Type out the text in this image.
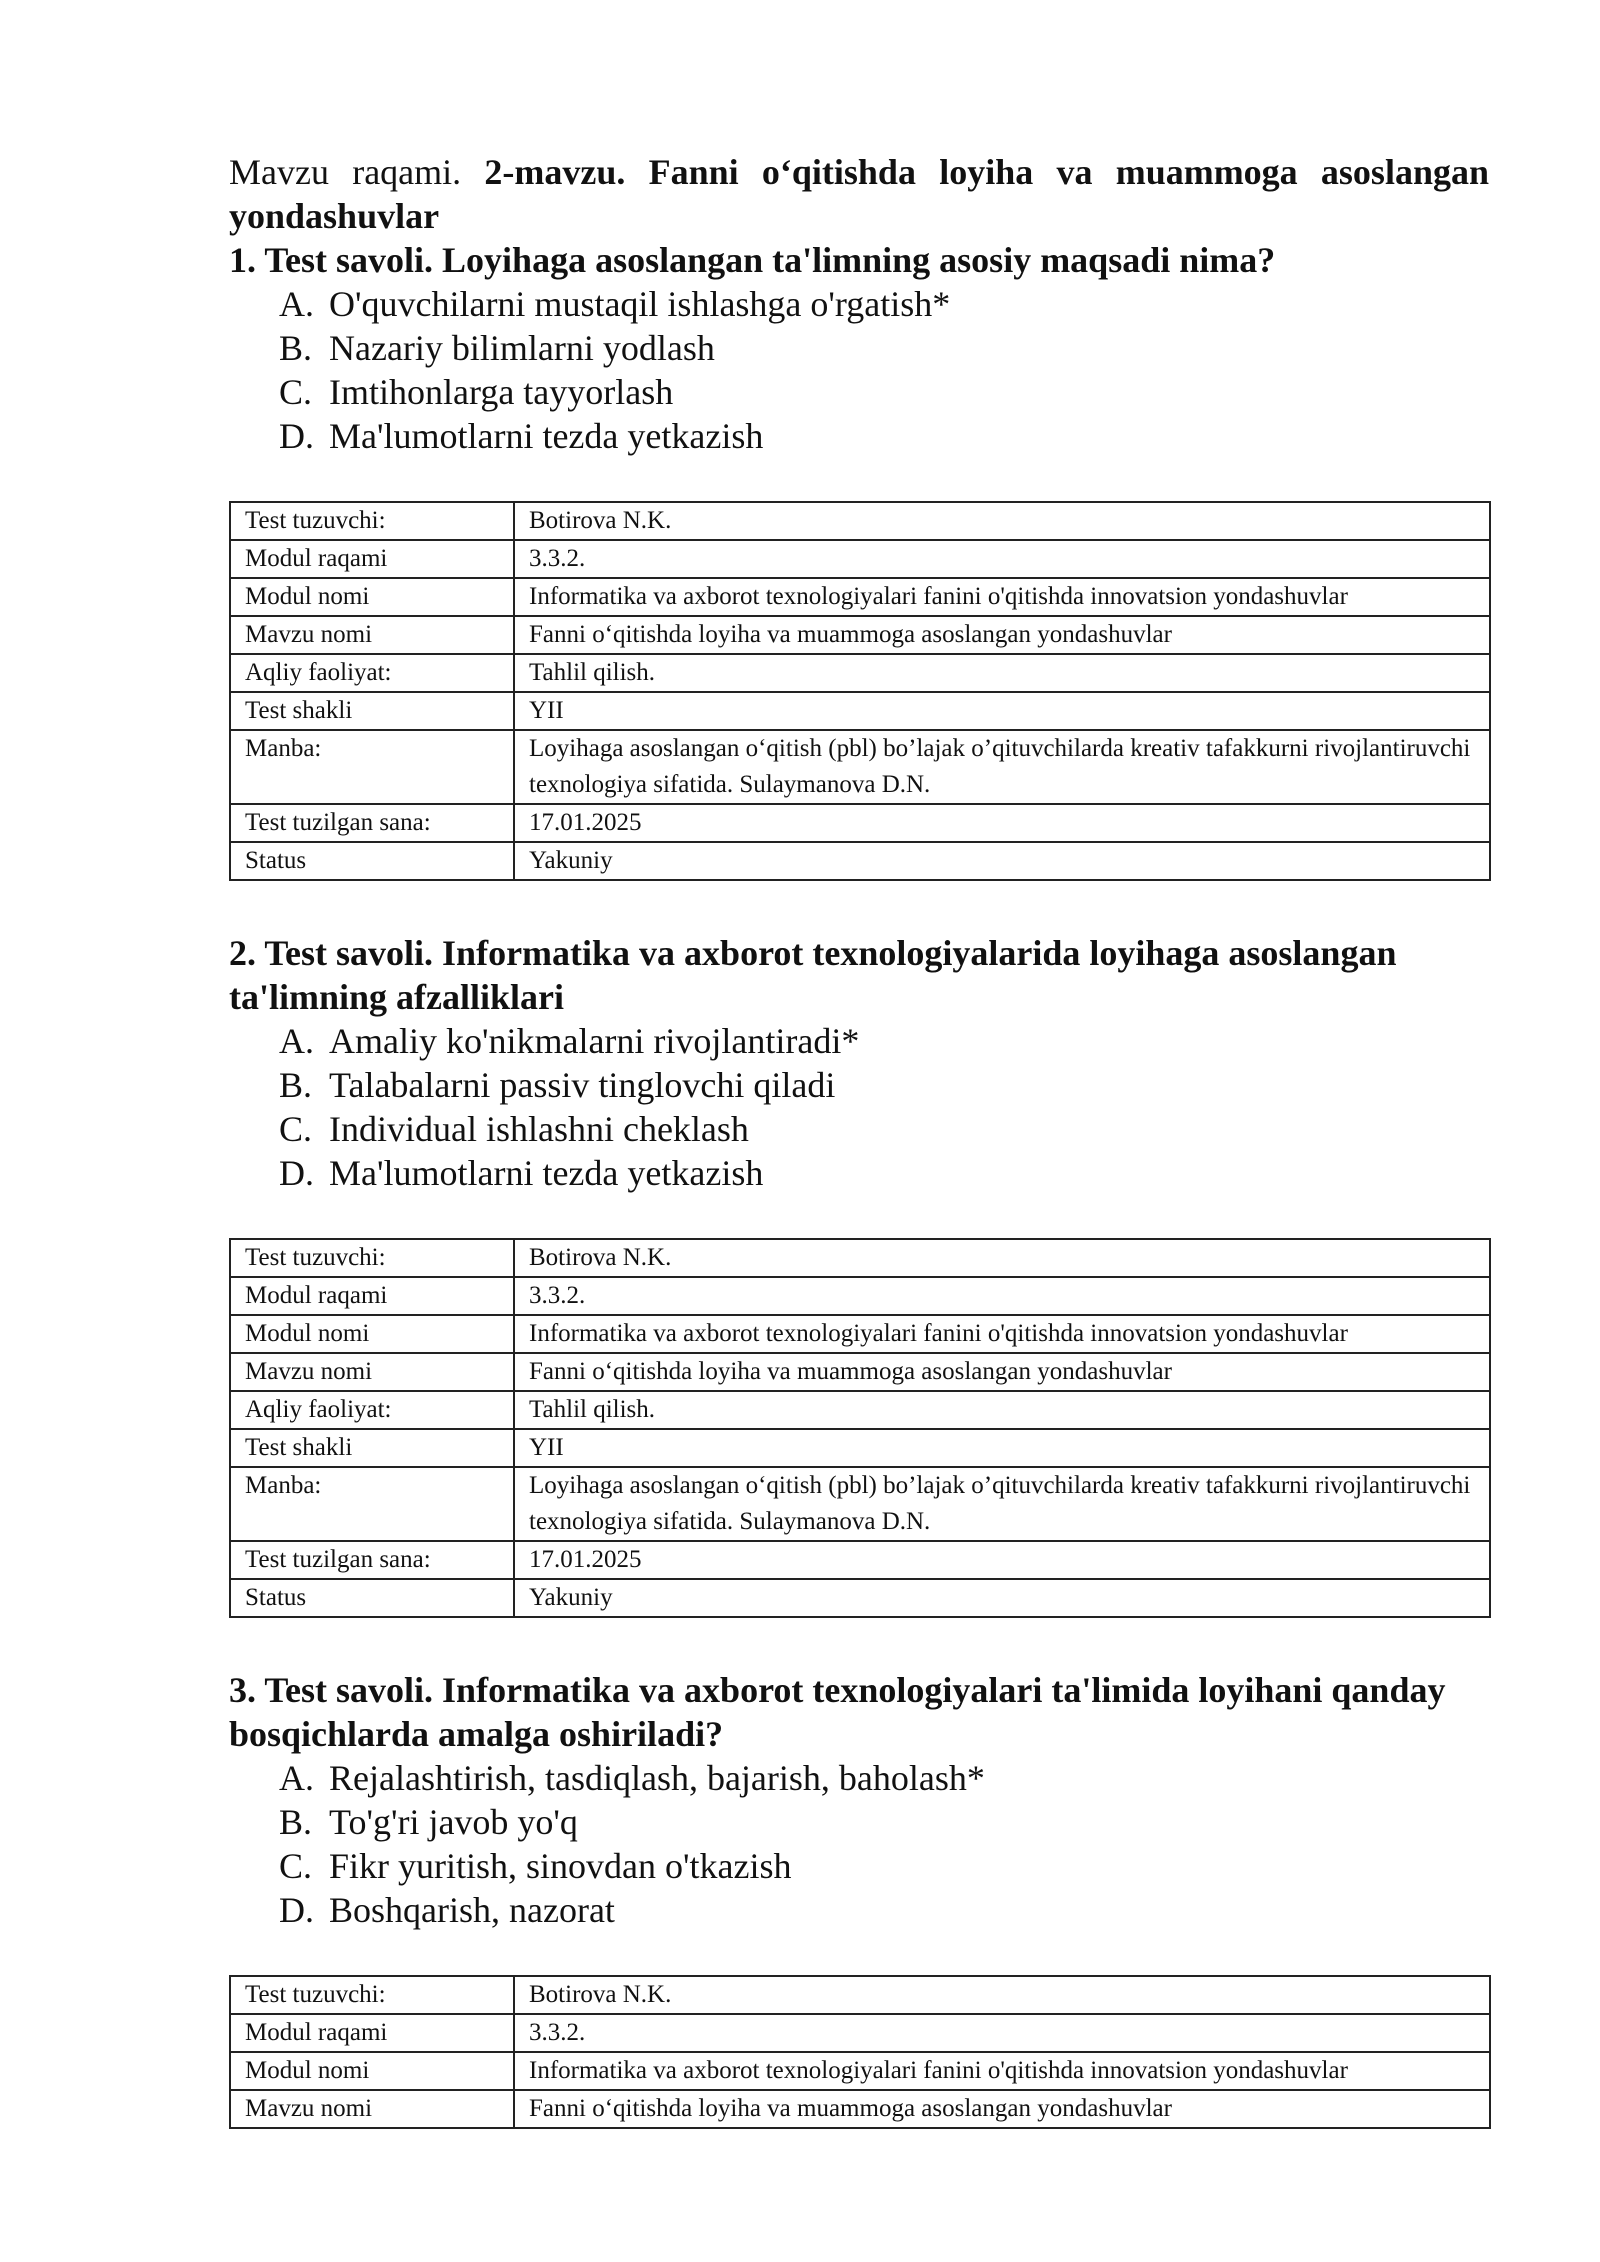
Mavzu raqami. 2-mavzu. Fanni o‘qitishda loyiha va muammoga asoslangan yondashuvlar
1. Test savoli. Loyihaga asoslangan ta'limning asosiy maqsadi nima?
A. O'quvchilarni mustaqil ishlashga o'rgatish*
B. Nazariy bilimlarni yodlash
C. Imtihonlarga tayyorlash
D. Ma'lumotlarni tezda yetkazish
Test tuzuvchi:	Botirova N.K.
Modul raqami	3.3.2.
Modul nomi	Informatika va axborot texnologiyalari fanini o'qitishda innovatsion yondashuvlar
Mavzu nomi	Fanni o‘qitishda loyiha va muammoga asoslangan yondashuvlar
Aqliy faoliyat:	Tahlil qilish.
Test shakli	YII
Manba:	Loyihaga asoslangan o‘qitish (pbl) bo’lajak o’qituvchilarda kreativ tafakkurni rivojlantiruvchi texnologiya sifatida. Sulaymanova D.N.
Test tuzilgan sana:	17.01.2025
Status	Yakuniy
2. Test savoli. Informatika va axborot texnologiyalarida loyihaga asoslangan ta'limning afzalliklari
A. Amaliy ko'nikmalarni rivojlantiradi*
B. Talabalarni passiv tinglovchi qiladi
C. Individual ishlashni cheklash
D. Ma'lumotlarni tezda yetkazish
Test tuzuvchi:	Botirova N.K.
Modul raqami	3.3.2.
Modul nomi	Informatika va axborot texnologiyalari fanini o'qitishda innovatsion yondashuvlar
Mavzu nomi	Fanni o‘qitishda loyiha va muammoga asoslangan yondashuvlar
Aqliy faoliyat:	Tahlil qilish.
Test shakli	YII
Manba:	Loyihaga asoslangan o‘qitish (pbl) bo’lajak o’qituvchilarda kreativ tafakkurni rivojlantiruvchi texnologiya sifatida. Sulaymanova D.N.
Test tuzilgan sana:	17.01.2025
Status	Yakuniy
3. Test savoli. Informatika va axborot texnologiyalari ta'limida loyihani qanday bosqichlarda amalga oshiriladi?
A. Rejalashtirish, tasdiqlash, bajarish, baholash*
B. To'g'ri javob yo'q
C. Fikr yuritish, sinovdan o'tkazish
D. Boshqarish, nazorat
Test tuzuvchi:	Botirova N.K.
Modul raqami	3.3.2.
Modul nomi	Informatika va axborot texnologiyalari fanini o'qitishda innovatsion yondashuvlar
Mavzu nomi	Fanni o‘qitishda loyiha va muammoga asoslangan yondashuvlar
